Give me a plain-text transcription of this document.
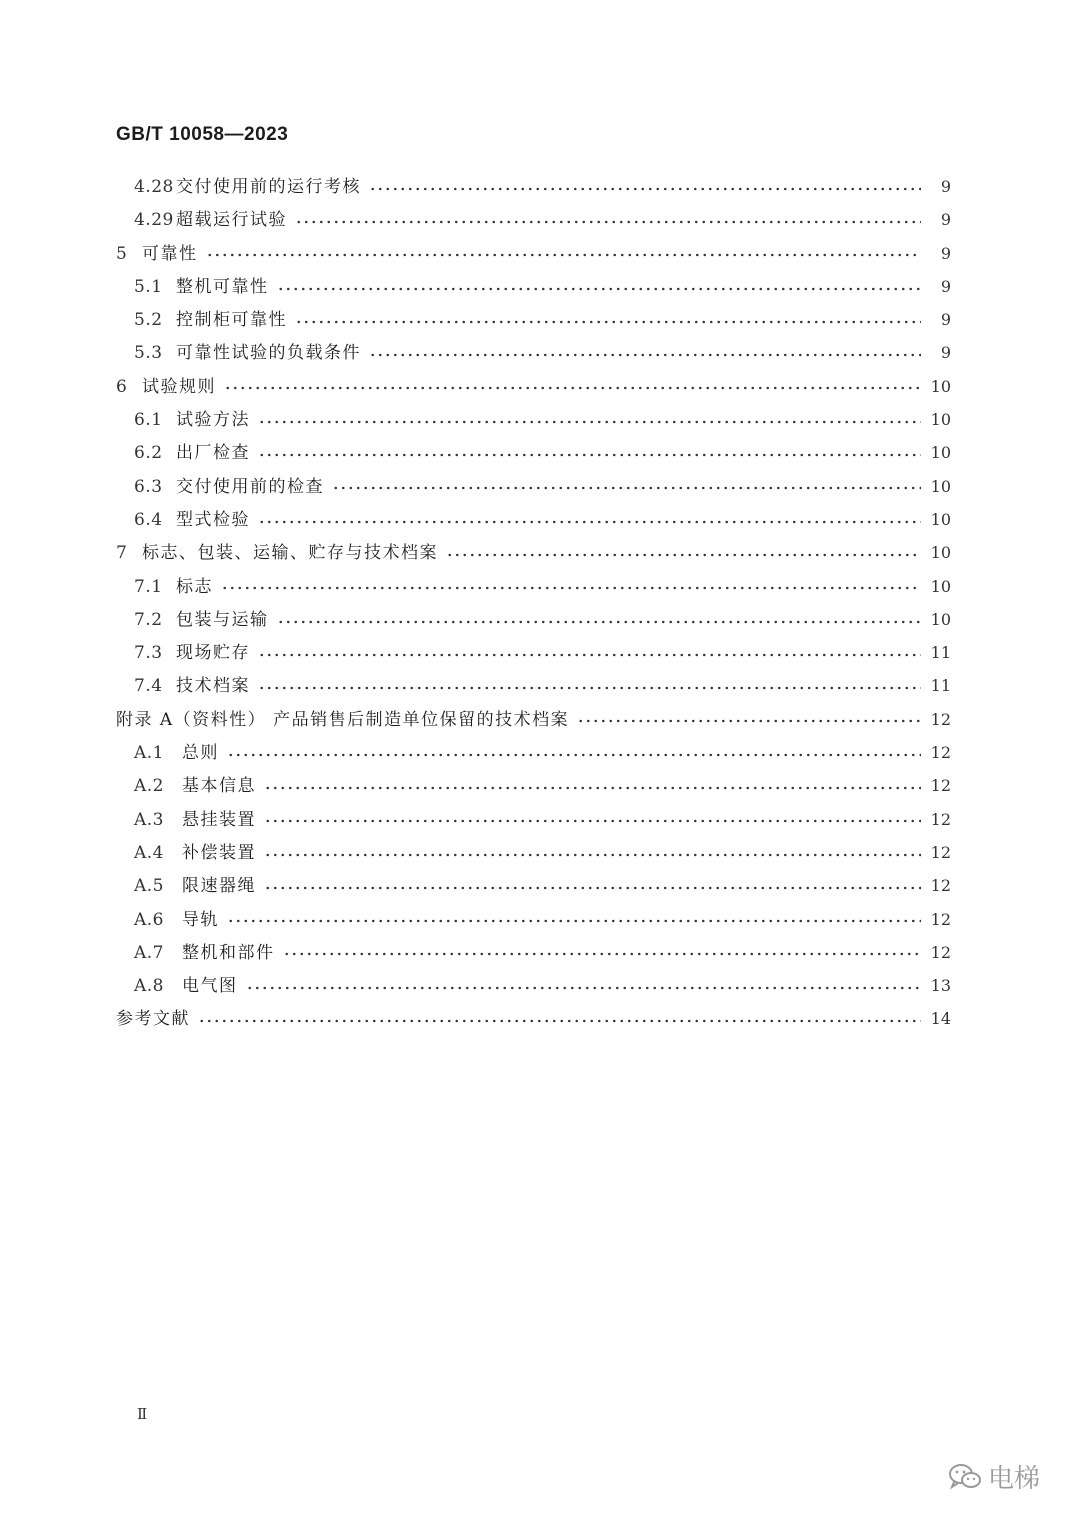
GB/T 10058—2023
4.28 交付使用前的运行考核	9
4.29 超载运行试验	9
5 可靠性	9
5.1 整机可靠性	9
5.2 控制柜可靠性	9
5.3 可靠性试验的负载条件	9
6 试验规则	10
6.1 试验方法	10
6.2 出厂检查	10
6.3 交付使用前的检查	10
6.4 型式检验	10
7 标志、包装、运输、贮存与技术档案	10
7.1 标志	10
7.2 包装与运输	10
7.3 现场贮存	11
7.4 技术档案	11
附录 A（资料性） 产品销售后制造单位保留的技术档案	12
A.1	总则	12
A.2	基本信息	12
A.3	悬挂装置	12
A.4	补偿装置	12
A.5	限速器绳	12
A.6	导轨	12
A.7	整机和部件	12
A.8	电气图	13
参考文献	14
Ⅱ
电梯
